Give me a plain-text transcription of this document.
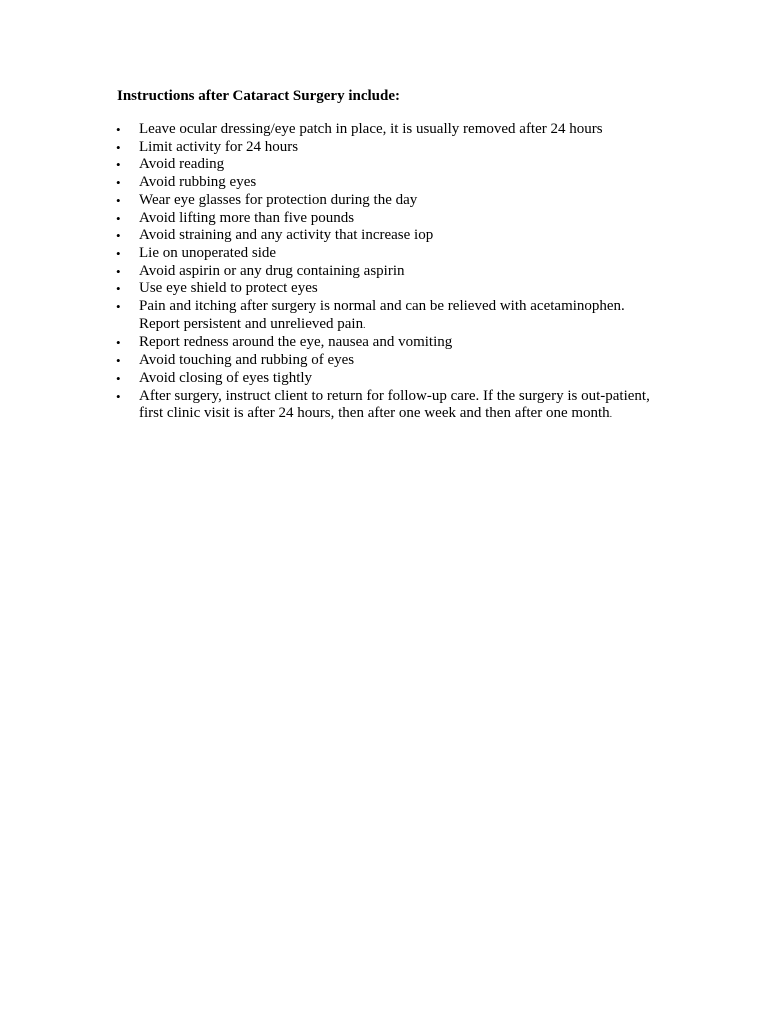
Instructions after Cataract Surgery include:
• Leave ocular dressing/eye patch in place, it is usually removed after 24 hours
• Limit activity for 24 hours
• Avoid reading
• Avoid rubbing eyes
• Wear eye glasses for protection during the day
• Avoid lifting more than five pounds
• Avoid straining and any activity that increase iop
• Lie on unoperated side
• Avoid aspirin or any drug containing aspirin
• Use eye shield to protect eyes
• Pain and itching after surgery is normal and can be relieved with acetaminophen. Report persistent and unrelieved pain.
• Report redness around the eye, nausea and vomiting
• Avoid touching and rubbing of eyes
• Avoid closing of eyes tightly
• After surgery, instruct client to return for follow-up care. If the surgery is out-patient, first clinic visit is after 24 hours, then after one week and then after one month.
